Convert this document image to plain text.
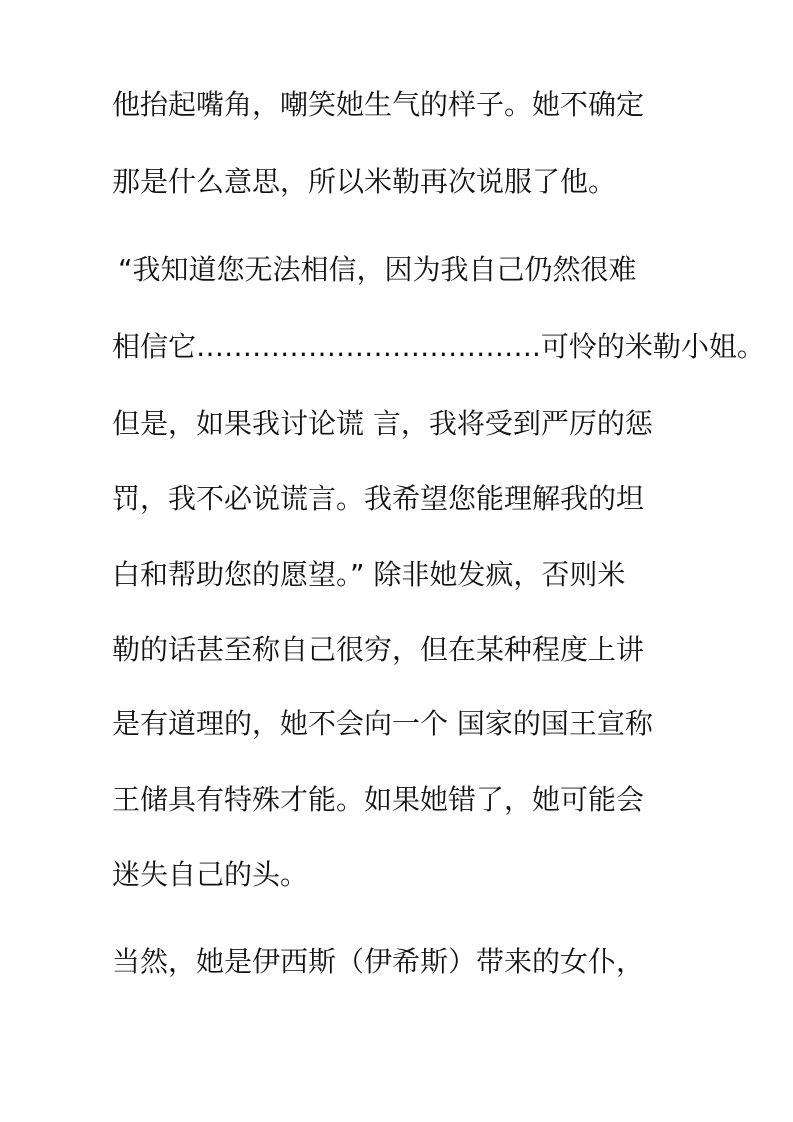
他抬起嘴角，嘲笑她生气的样子。她不确定
那是什么意思，所以米勒再次说服了他。
“我知道您无法相信，因为我自己仍然很难
相信它……………………………….可怜的米勒小姐。
但是，如果我讨论谎 言，我将受到严厉的惩
罚，我不必说谎言。我希望您能理解我的坦
白和帮助您的愿望。” 除非她发疯，否则米
勒的话甚至称自己很穷，但在某种程度上讲
是有道理的，她不会向一个 国家的国王宣称
王储具有特殊才能。如果她错了，她可能会
迷失自己的头。
当然，她是伊西斯（伊希斯）带来的女仆，
